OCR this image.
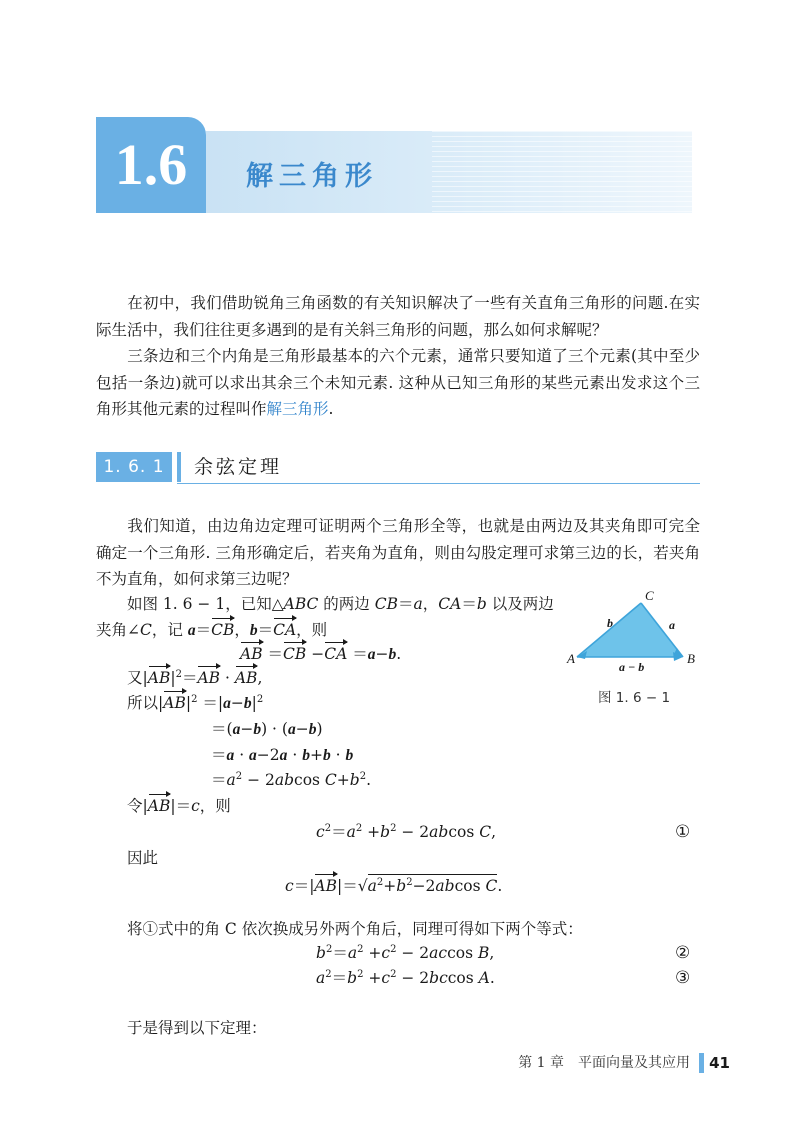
1.6	解三角形
在初中，我们借助锐角三角函数的有关知识解决了一些有关直角三角形的问题.在实际生活中，我们往往更多遇到的是有关斜三角形的问题，那么如何求解呢？
三条边和三个内角是三角形最基本的六个元素，通常只要知道了三个元素(其中至少包括一条边)就可以求出其余三个未知元素. 这种从已知三角形的某些元素出发求这个三角形其他元素的过程叫作解三角形.
1. 6. 1	余弦定理
我们知道，由边角边定理可证明两个三角形全等，也就是由两边及其夹角即可完全确定一个三角形. 三角形确定后，若夹角为直角，则由勾股定理可求第三边的长，若夹角不为直角，如何求第三边呢？
C
A	B
b	a
a − b
图 1. 6 − 1
如图 1. 6 − 1，已知△ABC 的两边 CB＝a，CA＝b 以及两边
夹角∠C，记 a＝CB，b＝CA，则
AB ＝CB −CA ＝a−b.
又$|AB|^2=AB$ · AB,
所以$|AB|^2 =|a-b|^2$
＝(a−b) · (a−b)
＝a · a−2a · b+b · b
$=a^2 - 2abcos$ $C+b^2$.
令|AB|＝c，则
$c^2=a^2 +b^2 - 2abcos$ C,	①
因此
$c=|AB|=√a^2+b^2-2abcos$ C.
将①式中的角 C 依次换成另外两个角后，同理可得如下两个等式：
$b^2=a^2 +c^2 - 2accos$ B,	②
$a^2=b^2 +c^2 - 2bccos$ A.	③
于是得到以下定理：
第 1 章　平面向量及其应用 41
